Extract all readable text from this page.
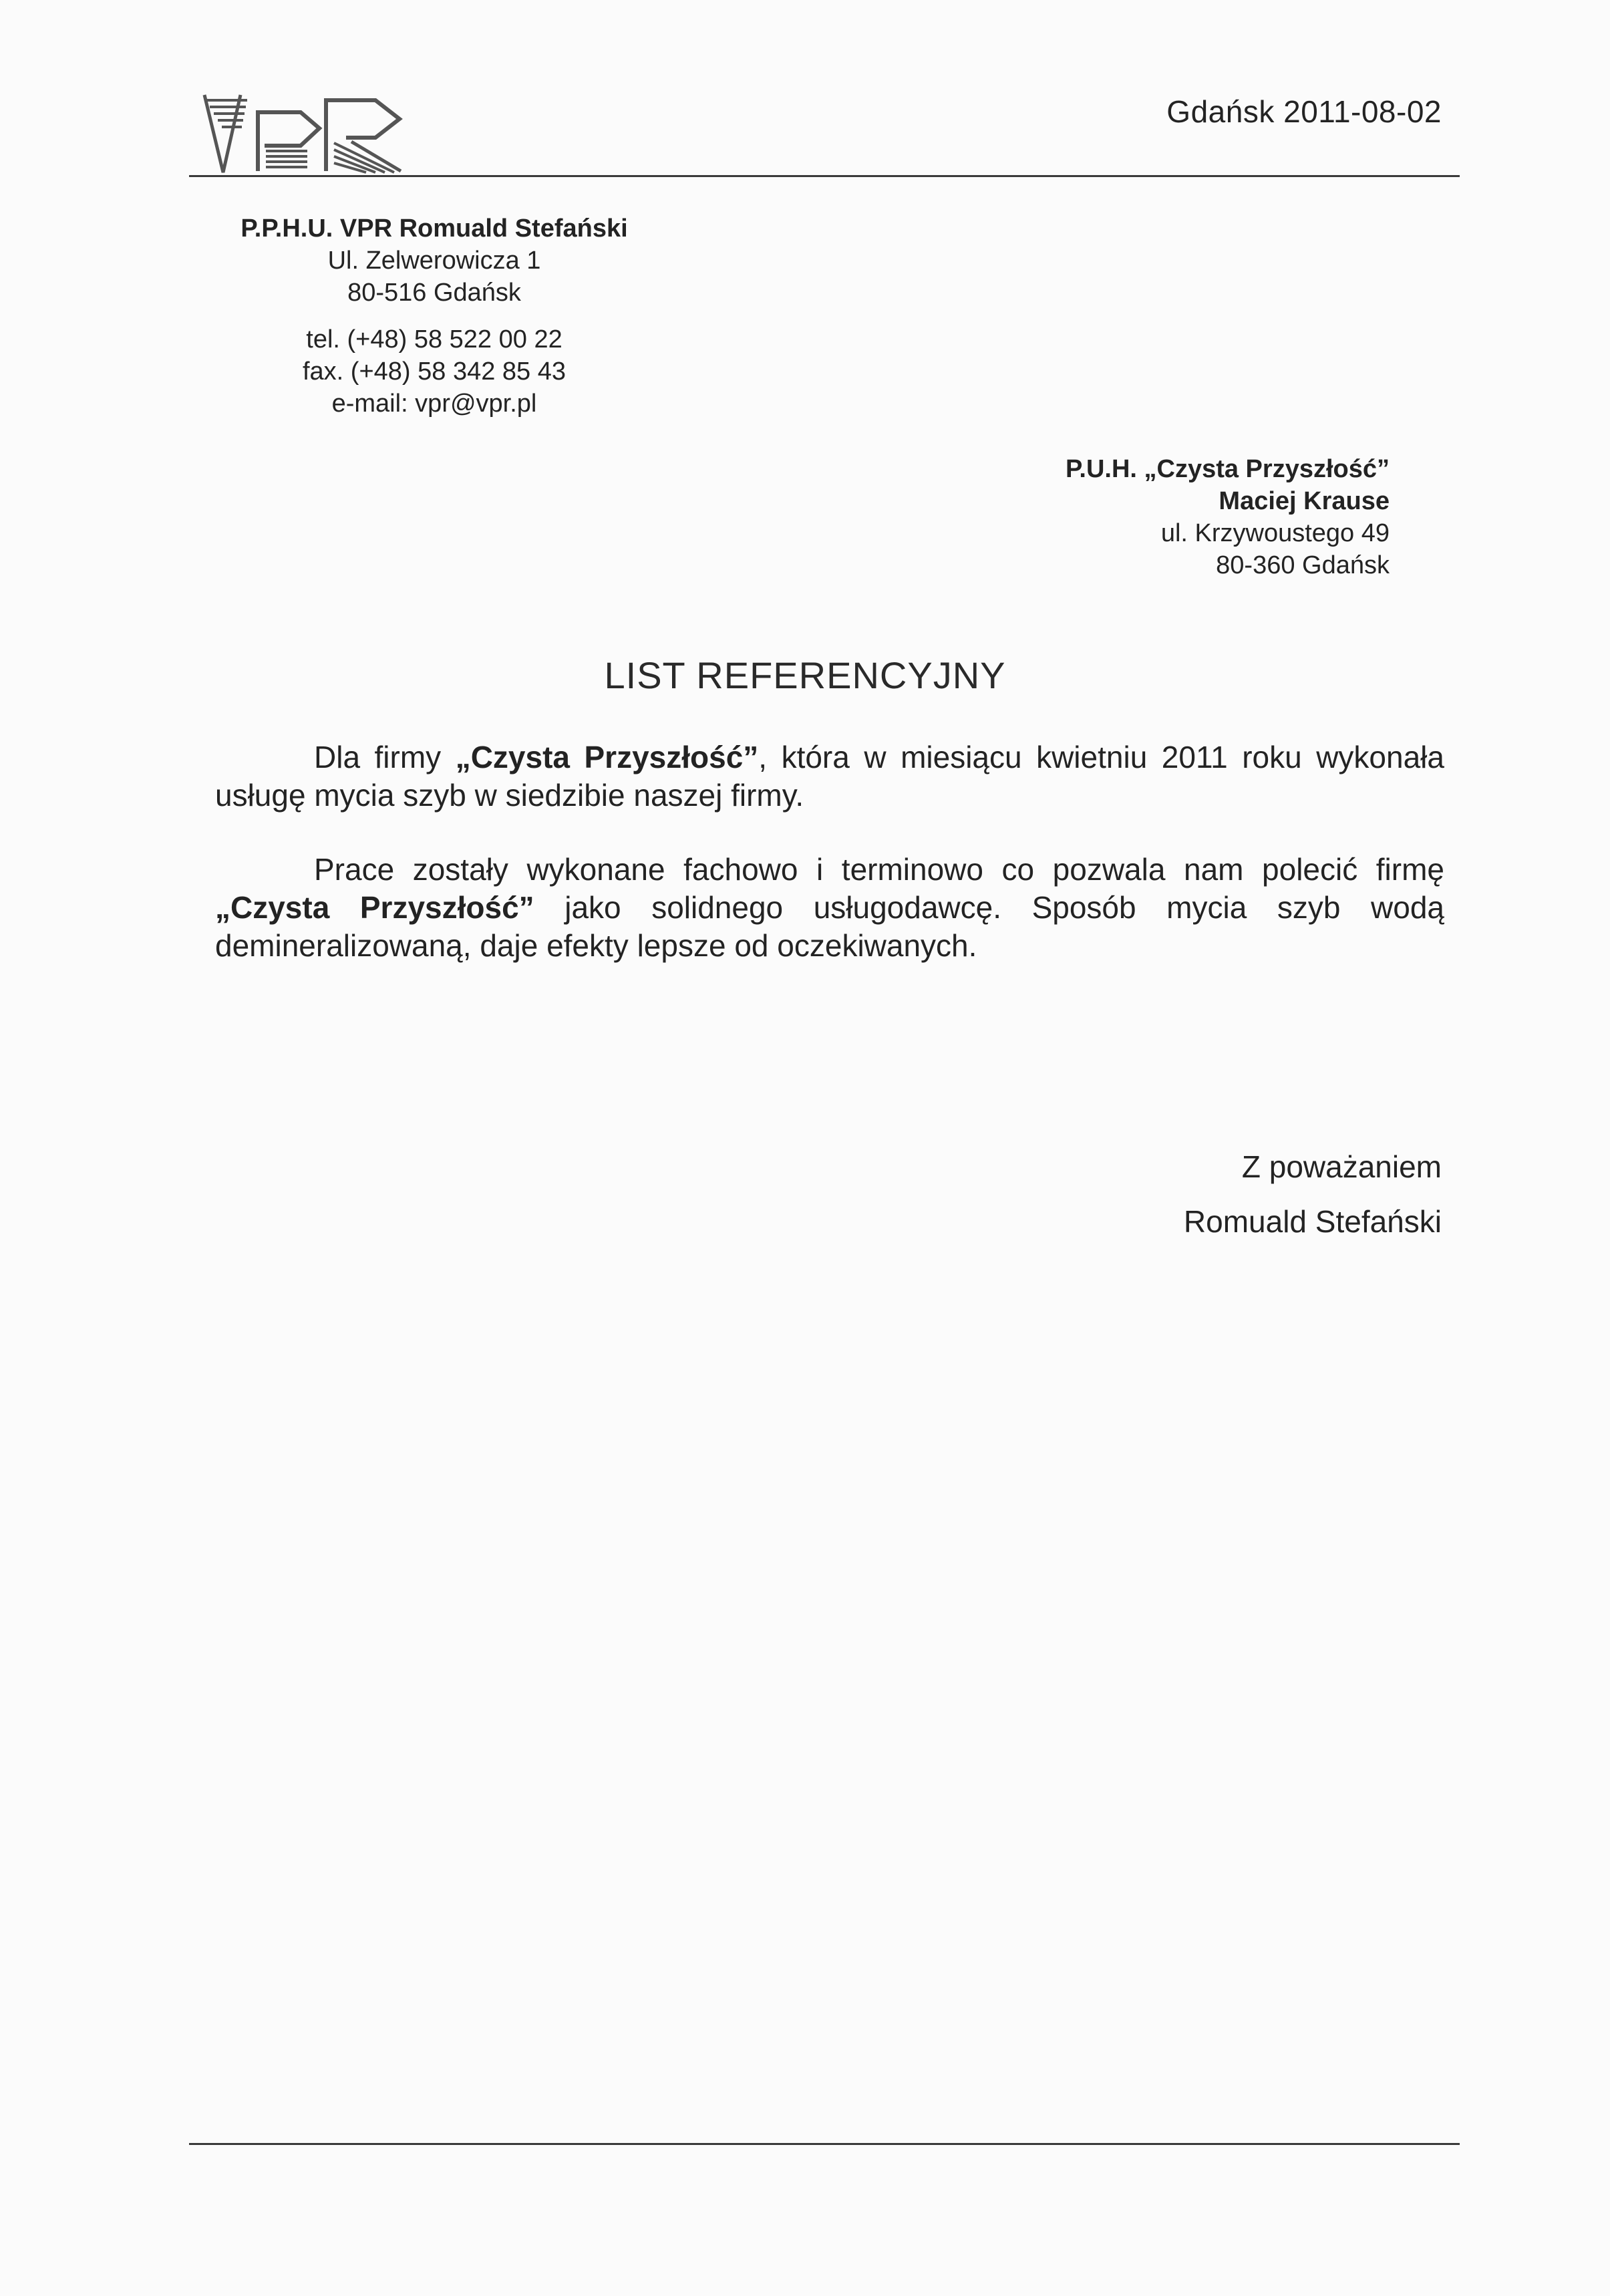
Gdańsk 2011-08-02
P.P.H.U. VPR Romuald Stefański
Ul. Zelwerowicza 1
80-516 Gdańsk
tel. (+48) 58 522 00 22
fax. (+48) 58 342 85 43
e-mail: vpr@vpr.pl
P.U.H. „Czysta Przyszłość”
Maciej Krause
ul. Krzywoustego 49
80-360 Gdańsk
LIST REFERENCYJNY
Dla firmy „Czysta Przyszłość”, która w miesiącu kwietniu 2011 roku wykonała usługę mycia szyb w siedzibie naszej firmy.
Prace zostały wykonane fachowo i terminowo co pozwala nam polecić firmę „Czysta Przyszłość” jako solidnego usługodawcę. Sposób mycia szyb wodą demineralizowaną, daje efekty lepsze od oczekiwanych.
Z poważaniem
Romuald Stefański
